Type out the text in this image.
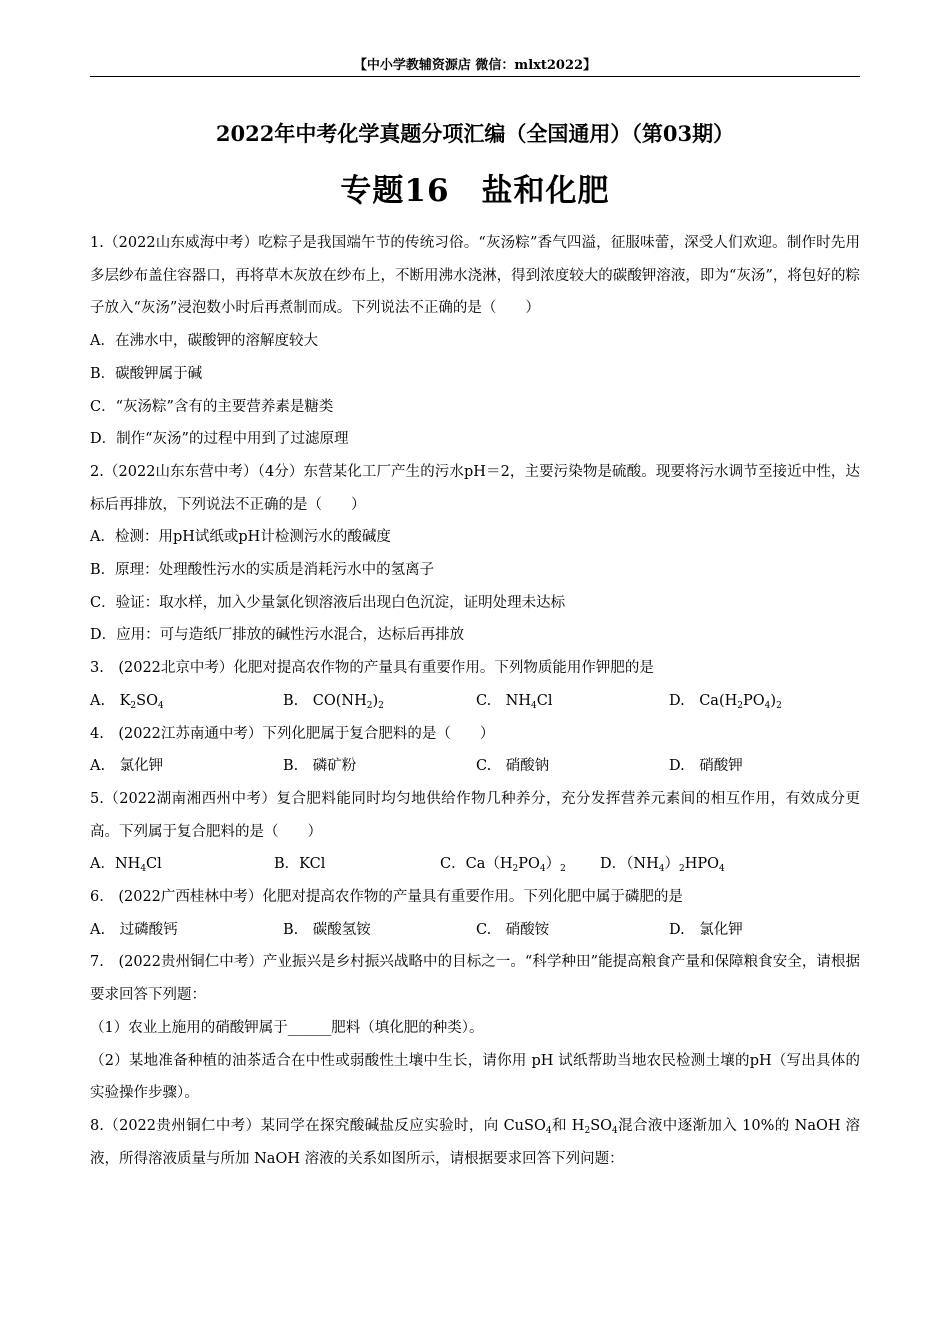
【中小学教辅资源店 微信：mlxt2022】
2022年中考化学真题分项汇编（全国通用）（第03期）
专题16　盐和化肥

1.（2022山东威海中考）吃粽子是我国端午节的传统习俗。“灰汤粽”香气四溢，征服味蕾，深受人们欢迎。制作时先用多层纱布盖住容器口，再将草木灰放在纱布上，不断用沸水浇淋，得到浓度较大的碳酸钾溶液，即为“灰汤”，将包好的粽子放入“灰汤”浸泡数小时后再煮制而成。下列说法不正确的是（　　）

A．在沸水中，碳酸钾的溶解度较大

B．碳酸钾属于碱

C．“灰汤粽”含有的主要营养素是糖类

D．制作“灰汤”的过程中用到了过滤原理

2.（2022山东东营中考）（4分）东营某化工厂产生的污水pH＝2，主要污染物是硫酸。现要将污水调节至接近中性，达标后再排放，下列说法不正确的是（　　）

A．检测：用pH试纸或pH计检测污水的酸碱度

B．原理：处理酸性污水的实质是消耗污水中的氢离子

C．验证：取水样，加入少量氯化钡溶液后出现白色沉淀，证明处理未达标

D．应用：可与造纸厂排放的碱性污水混合，达标后再排放

3.　(2022北京中考）化肥对提高农作物的产量具有重要作用。下列物质能用作钾肥的是

A.　$K_2SO_4$	B.　$CO(NH_2)_2$	C.　$NH_4Cl$	D.　$Ca(H_2PO_4)_2$

4.　(2022江苏南通中考）下列化肥属于复合肥料的是（　　）

A.　氯化钾	B.　磷矿粉	C.　硝酸钠	D.　硝酸钾

5.（2022湖南湘西州中考）复合肥料能同时均匀地供给作物几种养分，充分发挥营养元素间的相互作用，有效成分更高。下列属于复合肥料的是（　　）

A．$NH_4Cl$	B．KCl	C．$Ca(H_2PO_4)_2$	D．$(NH_4)_2HPO_4$

6.　(2022广西桂林中考）化肥对提高农作物的产量具有重要作用。下列化肥中属于磷肥的是

A.　过磷酸钙	B.　碳酸氢铵	C.　硝酸铵	D.　氯化钾

7.　(2022贵州铜仁中考）产业振兴是乡村振兴战略中的目标之一。“科学种田”能提高粮食产量和保障粮食安全，请根据要求回答下列题：

（1）农业上施用的硝酸钾属于______肥料（填化肥的种类）。

（2）某地准备种植的油茶适合在中性或弱酸性土壤中生长，请你用 pH 试纸帮助当地农民检测土壤的pH（写出具体的实验操作步骤）。

8.（2022贵州铜仁中考）某同学在探究酸碱盐反应实验时，向 CuSO$_4$和 $H_2SO_4$混合液中逐渐加入 10%的 NaOH 溶液，所得溶液质量与所加 NaOH 溶液的关系如图所示，请根据要求回答下列问题：
